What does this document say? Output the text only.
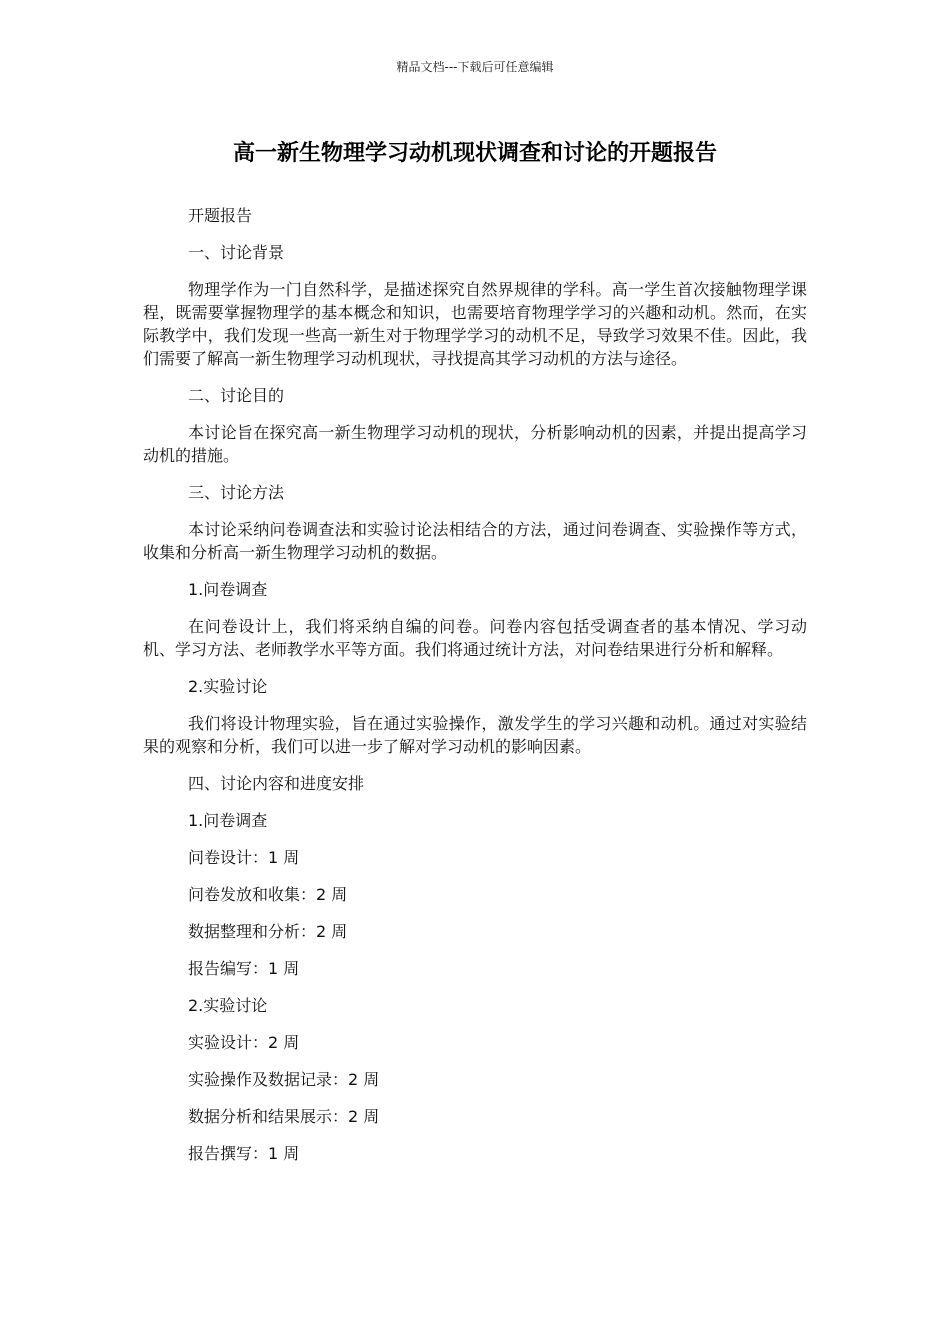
精品文档---下载后可任意编辑
高一新生物理学习动机现状调查和讨论的开题报告

开题报告

一、讨论背景

物理学作为一门自然科学，是描述探究自然界规律的学科。高一学生首次接触物理学课程，既需要掌握物理学的基本概念和知识，也需要培育物理学学习的兴趣和动机。然而，在实际教学中，我们发现一些高一新生对于物理学学习的动机不足，导致学习效果不佳。因此，我们需要了解高一新生物理学习动机现状，寻找提高其学习动机的方法与途径。

二、讨论目的

本讨论旨在探究高一新生物理学习动机的现状，分析影响动机的因素，并提出提高学习动机的措施。

三、讨论方法

本讨论采纳问卷调查法和实验讨论法相结合的方法，通过问卷调查、实验操作等方式，收集和分析高一新生物理学习动机的数据。

1.问卷调查

在问卷设计上，我们将采纳自编的问卷。问卷内容包括受调查者的基本情况、学习动机、学习方法、老师教学水平等方面。我们将通过统计方法，对问卷结果进行分析和解释。

2.实验讨论

我们将设计物理实验，旨在通过实验操作，激发学生的学习兴趣和动机。通过对实验结果的观察和分析，我们可以进一步了解对学习动机的影响因素。

四、讨论内容和进度安排

1.问卷调查

问卷设计：1 周

问卷发放和收集：2 周

数据整理和分析：2 周

报告编写：1 周

2.实验讨论

实验设计：2 周

实验操作及数据记录：2 周

数据分析和结果展示：2 周

报告撰写：1 周
